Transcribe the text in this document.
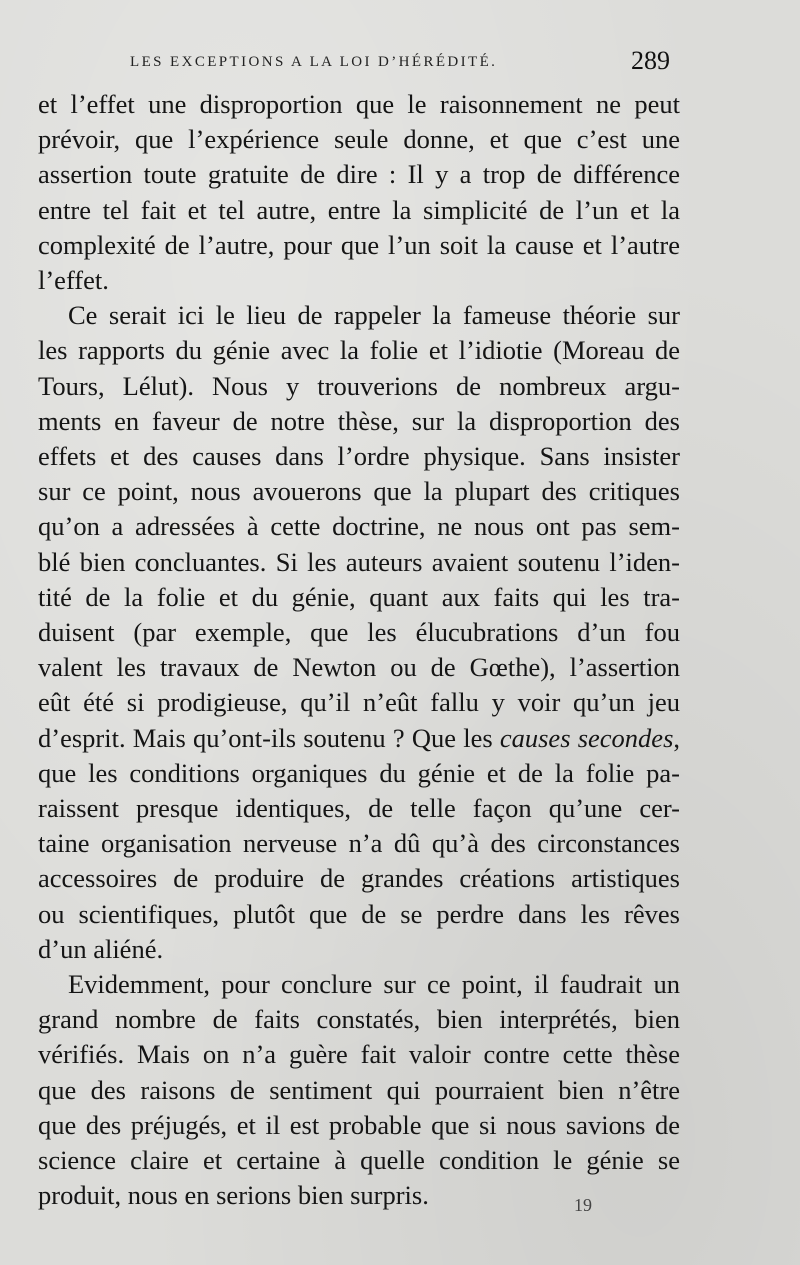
LES EXCEPTIONS A LA LOI D’HÉRÉDITÉ.	289

et l’effet une disproportion que le raisonnement ne peut
prévoir, que l’expérience seule donne, et que c’est une
assertion toute gratuite de dire : Il y a trop de différence
entre tel fait et tel autre, entre la simplicité de l’un et la
complexité de l’autre, pour que l’un soit la cause et l’autre
l’effet.

Ce serait ici le lieu de rappeler la fameuse théorie sur
les rapports du génie avec la folie et l’idiotie (Moreau de
Tours, Lélut). Nous y trouverions de nombreux argu-
ments en faveur de notre thèse, sur la disproportion des
effets et des causes dans l’ordre physique. Sans insister
sur ce point, nous avouerons que la plupart des critiques
qu’on a adressées à cette doctrine, ne nous ont pas sem-
blé bien concluantes. Si les auteurs avaient soutenu l’iden-
tité de la folie et du génie, quant aux faits qui les tra-
duisent (par exemple, que les élucubrations d’un fou
valent les travaux de Newton ou de Gœthe), l’assertion
eût été si prodigieuse, qu’il n’eût fallu y voir qu’un jeu
d’esprit. Mais qu’ont-ils soutenu ? Que les causes secondes,
que les conditions organiques du génie et de la folie pa-
raissent presque identiques, de telle façon qu’une cer-
taine organisation nerveuse n’a dû qu’à des circonstances
accessoires de produire de grandes créations artistiques
ou scientifiques, plutôt que de se perdre dans les rêves
d’un aliéné.

Evidemment, pour conclure sur ce point, il faudrait un
grand nombre de faits constatés, bien interprétés, bien
vérifiés. Mais on n’a guère fait valoir contre cette thèse
que des raisons de sentiment qui pourraient bien n’être
que des préjugés, et il est probable que si nous savions de
science claire et certaine à quelle condition le génie se
produit, nous en serions bien surpris.	19
